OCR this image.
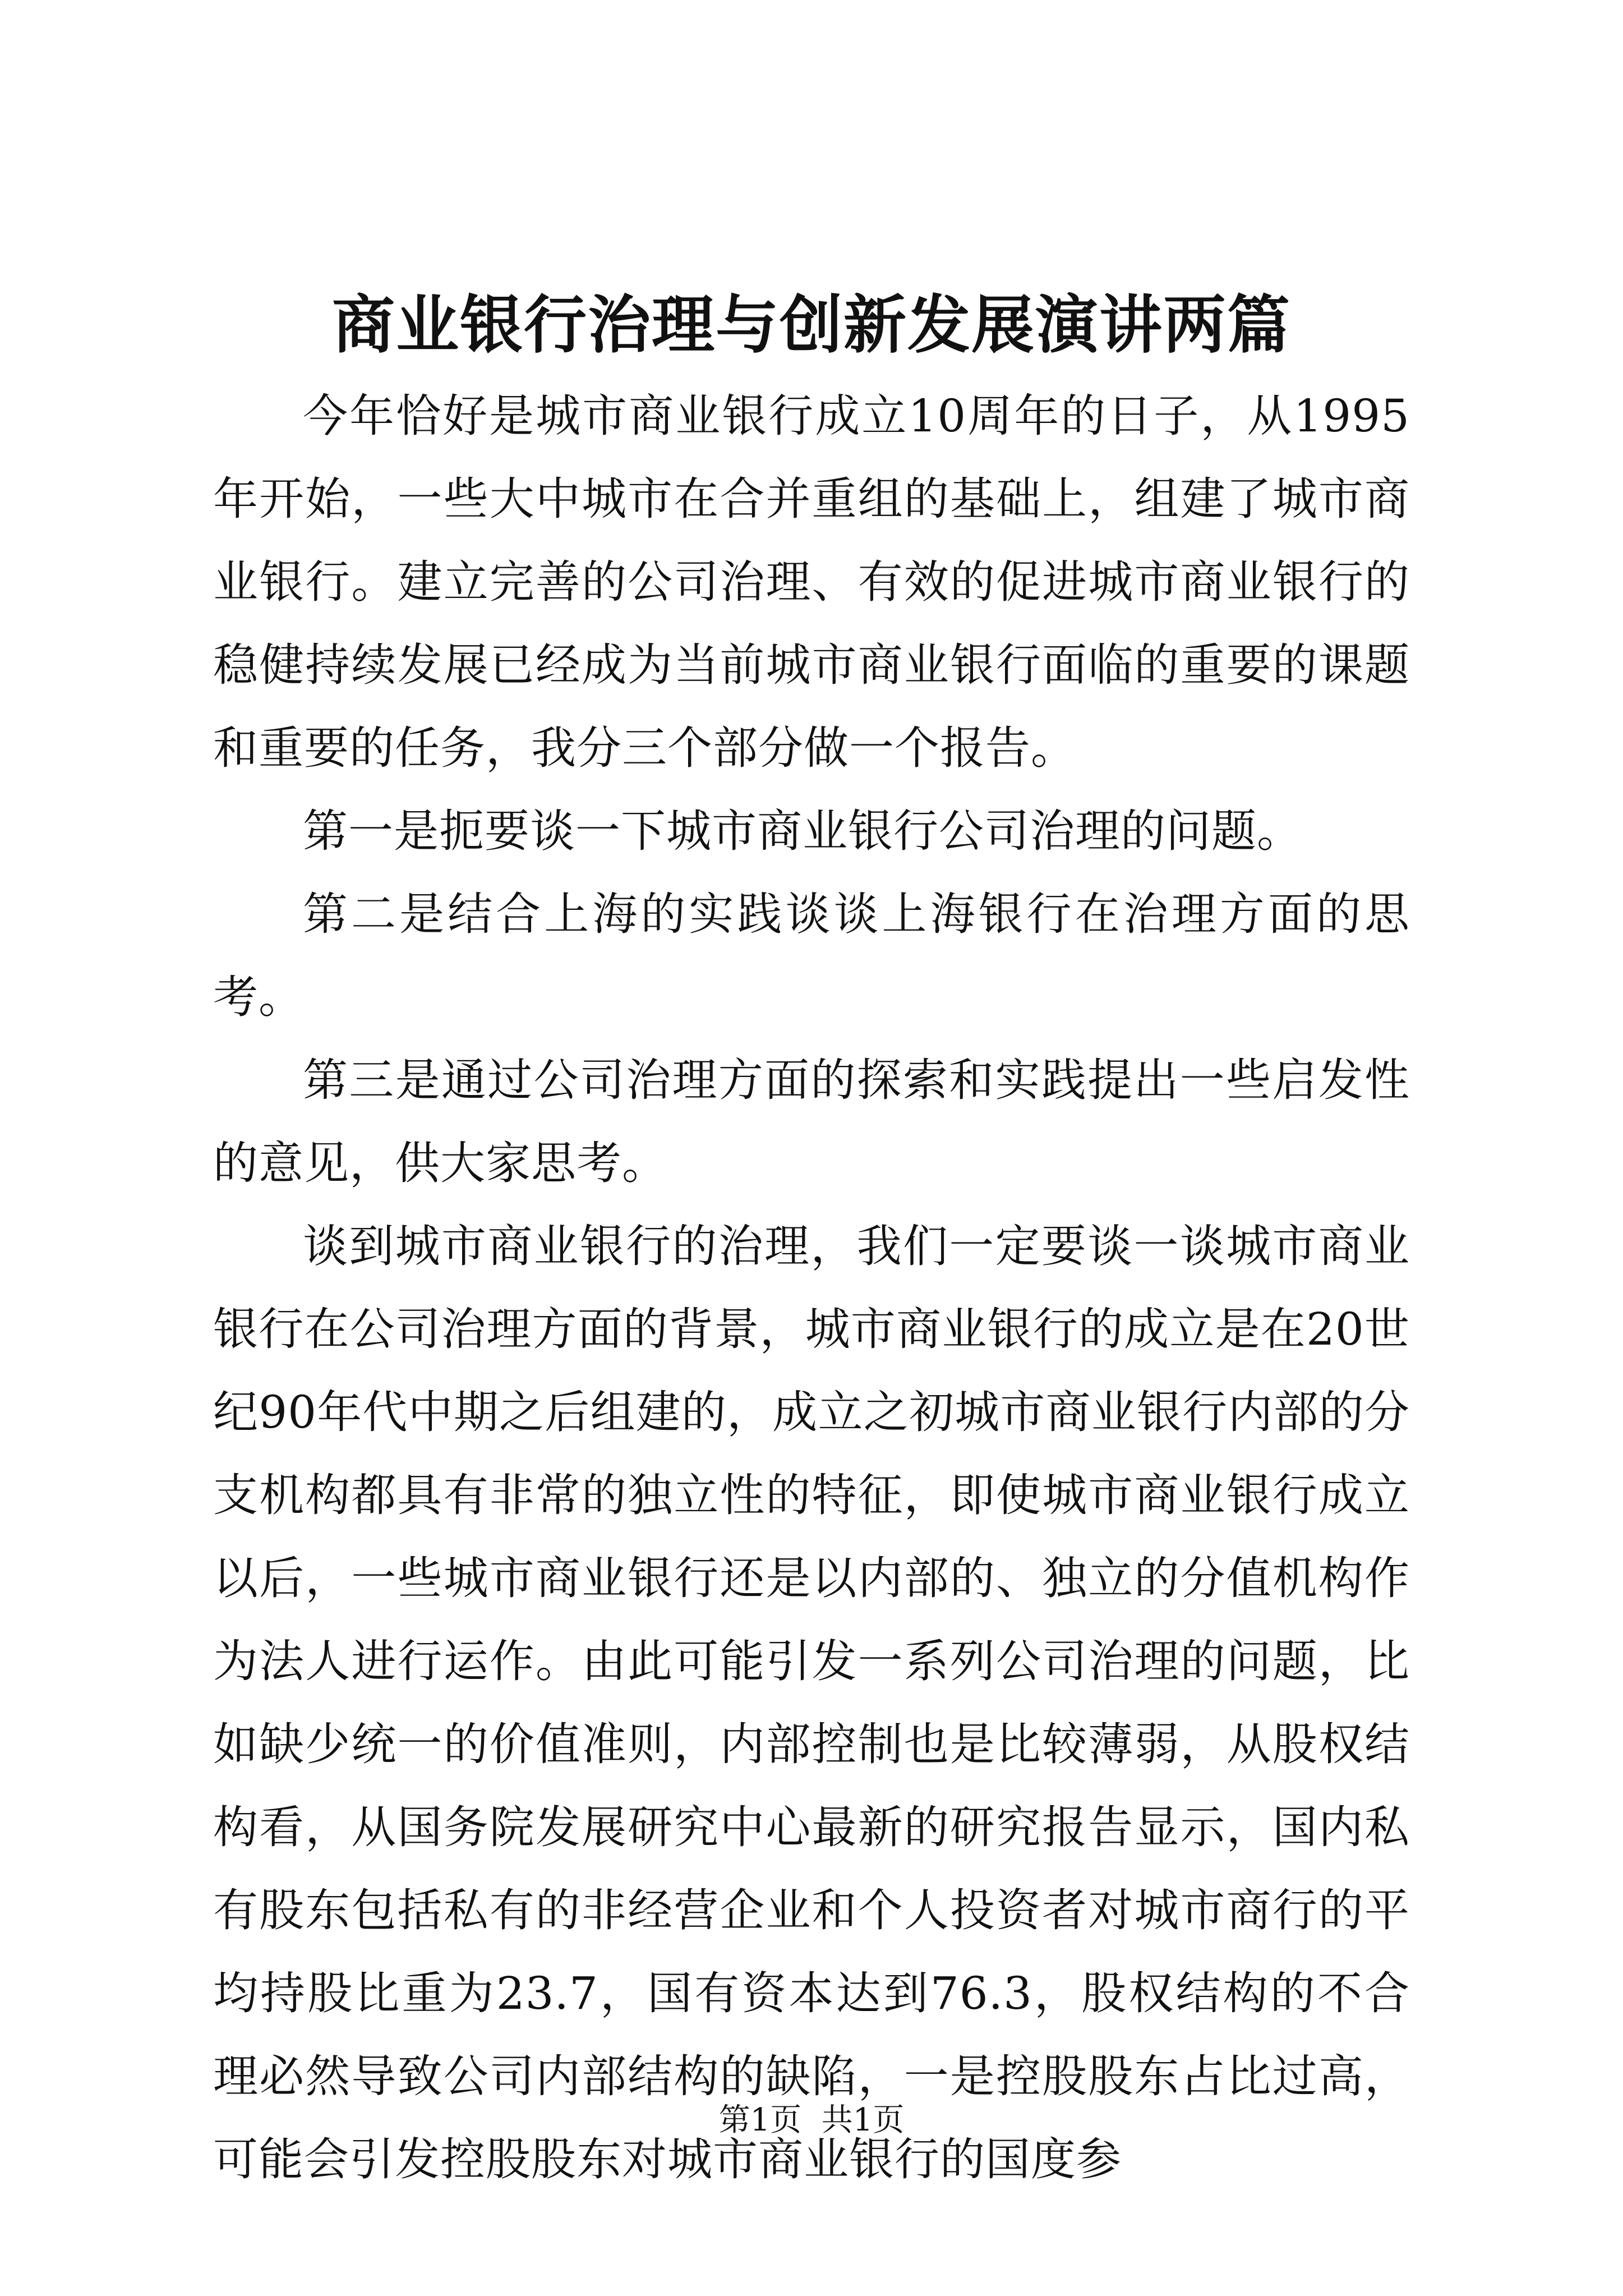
商业银行治理与创新发展演讲两篇

今年恰好是城市商业银行成立10周年的日子，从1995年开始，一些大中城市在合并重组的基础上，组建了城市商业银行。建立完善的公司治理、有效的促进城市商业银行的稳健持续发展已经成为当前城市商业银行面临的重要的课题和重要的任务，我分三个部分做一个报告。

第一是扼要谈一下城市商业银行公司治理的问题。

第二是结合上海的实践谈谈上海银行在治理方面的思考。

第三是通过公司治理方面的探索和实践提出一些启发性的意见，供大家思考。

谈到城市商业银行的治理，我们一定要谈一谈城市商业银行在公司治理方面的背景，城市商业银行的成立是在20世纪90年代中期之后组建的，成立之初城市商业银行内部的分支机构都具有非常的独立性的特征，即使城市商业银行成立以后，一些城市商业银行还是以内部的、独立的分值机构作为法人进行运作。由此可能引发一系列公司治理的问题，比如缺少统一的价值准则，内部控制也是比较薄弱，从股权结构看，从国务院发展研究中心最新的研究报告显示，国内私有股东包括私有的非经营企业和个人投资者对城市商行的平均持股比重为23.7，国有资本达到76.3，股权结构的不合理必然导致公司内部结构的缺陷，一是控股股东占比过高，可能会引发控股股东对城市商业银行的国度参

第1页  共1页
